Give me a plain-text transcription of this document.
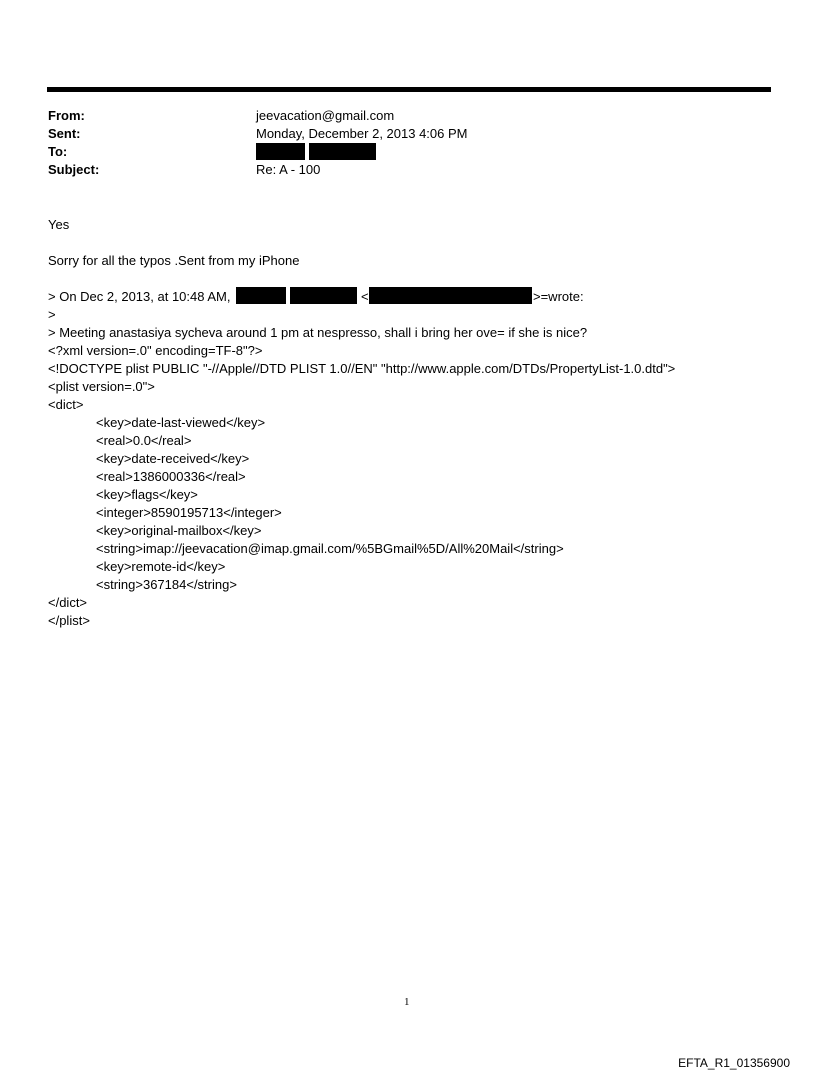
From:	jeevacation@gmail.com
Sent:	Monday, December 2, 2013 4:06 PM
To:
Subject:	Re: A - 100
Yes
Sorry for all the typos .Sent from my iPhone
> On Dec 2, 2013, at 10:48 AM,	<	>=wrote:
>
> Meeting anastasiya sycheva around 1 pm at nespresso, shall i bring her ove= if she is nice?
<?xml version=.0" encoding=TF-8"?>
<!DOCTYPE plist PUBLIC "-//Apple//DTD PLIST 1.0//EN" "http://www.apple.com/DTDs/PropertyList-1.0.dtd">
<plist version=.0">
<dict>
<key>date-last-viewed</key>
<real>0.0</real>
<key>date-received</key>
<real>1386000336</real>
<key>flags</key>
<integer>8590195713</integer>
<key>original-mailbox</key>
<string>imap://jeevacation@imap.gmail.com/%5BGmail%5D/All%20Mail</string>
<key>remote-id</key>
<string>367184</string>
</dict>
</plist>
1
EFTA_R1_01356900
